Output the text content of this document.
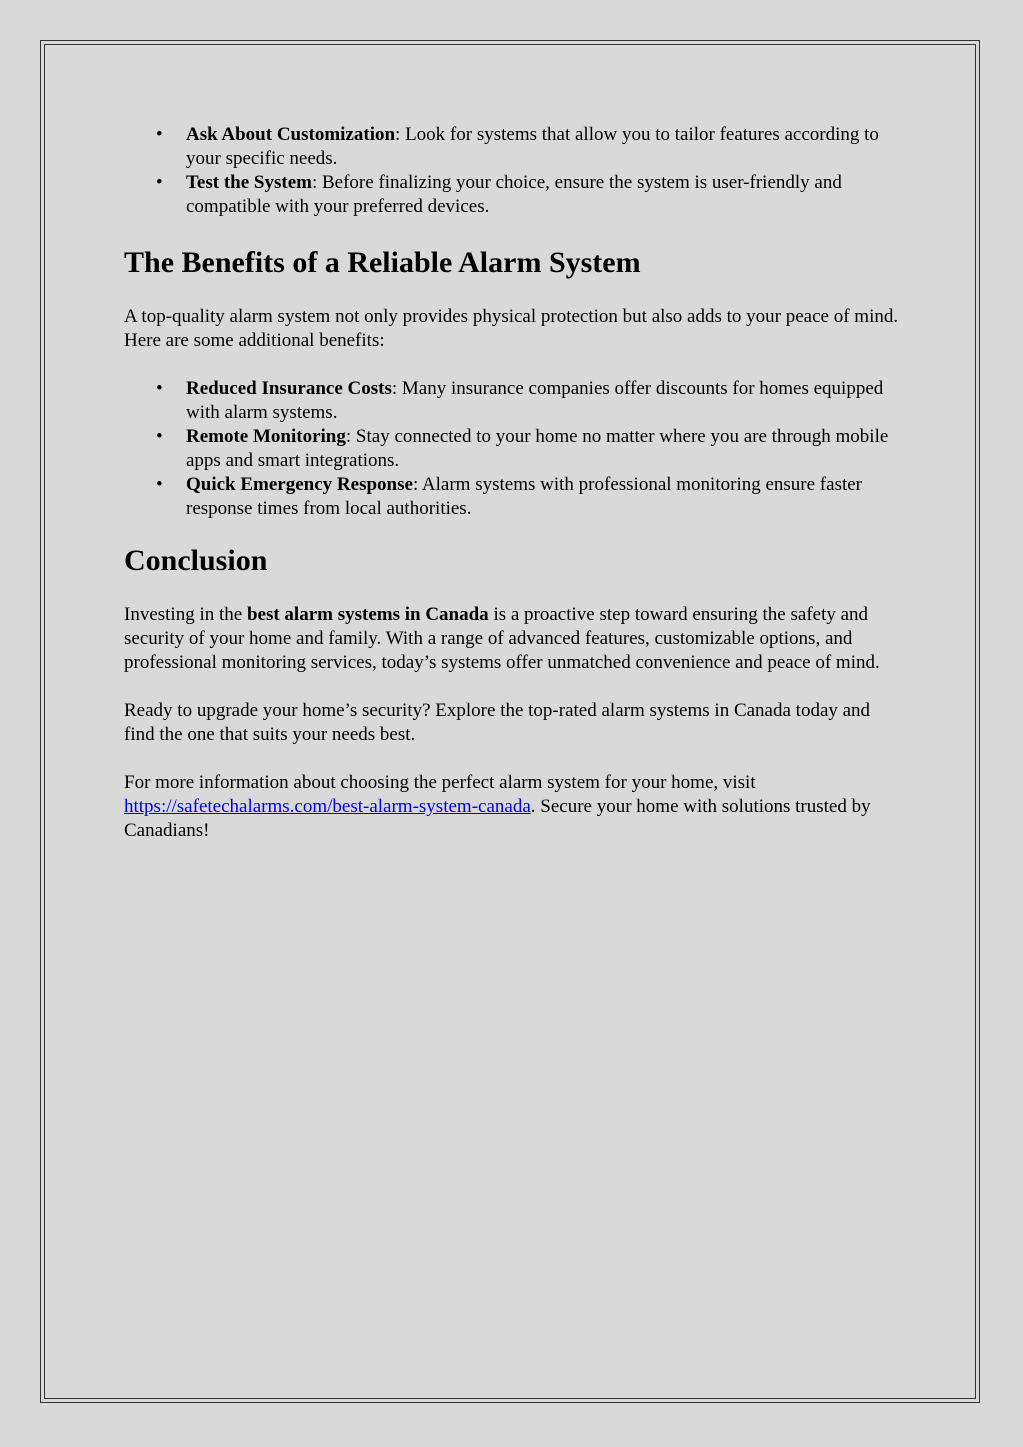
• Ask About Customization: Look for systems that allow you to tailor features according to your specific needs.
• Test the System: Before finalizing your choice, ensure the system is user-friendly and compatible with your preferred devices.
The Benefits of a Reliable Alarm System

A top-quality alarm system not only provides physical protection but also adds to your peace of mind. Here are some additional benefits:

• Reduced Insurance Costs: Many insurance companies offer discounts for homes equipped with alarm systems.
• Remote Monitoring: Stay connected to your home no matter where you are through mobile apps and smart integrations.
• Quick Emergency Response: Alarm systems with professional monitoring ensure faster response times from local authorities.
Conclusion

Investing in the best alarm systems in Canada is a proactive step toward ensuring the safety and security of your home and family. With a range of advanced features, customizable options, and professional monitoring services, today’s systems offer unmatched convenience and peace of mind.

Ready to upgrade your home’s security? Explore the top-rated alarm systems in Canada today and find the one that suits your needs best.

For more information about choosing the perfect alarm system for your home, visit https://safetechalarms.com/best-alarm-system-canada. Secure your home with solutions trusted by Canadians!
